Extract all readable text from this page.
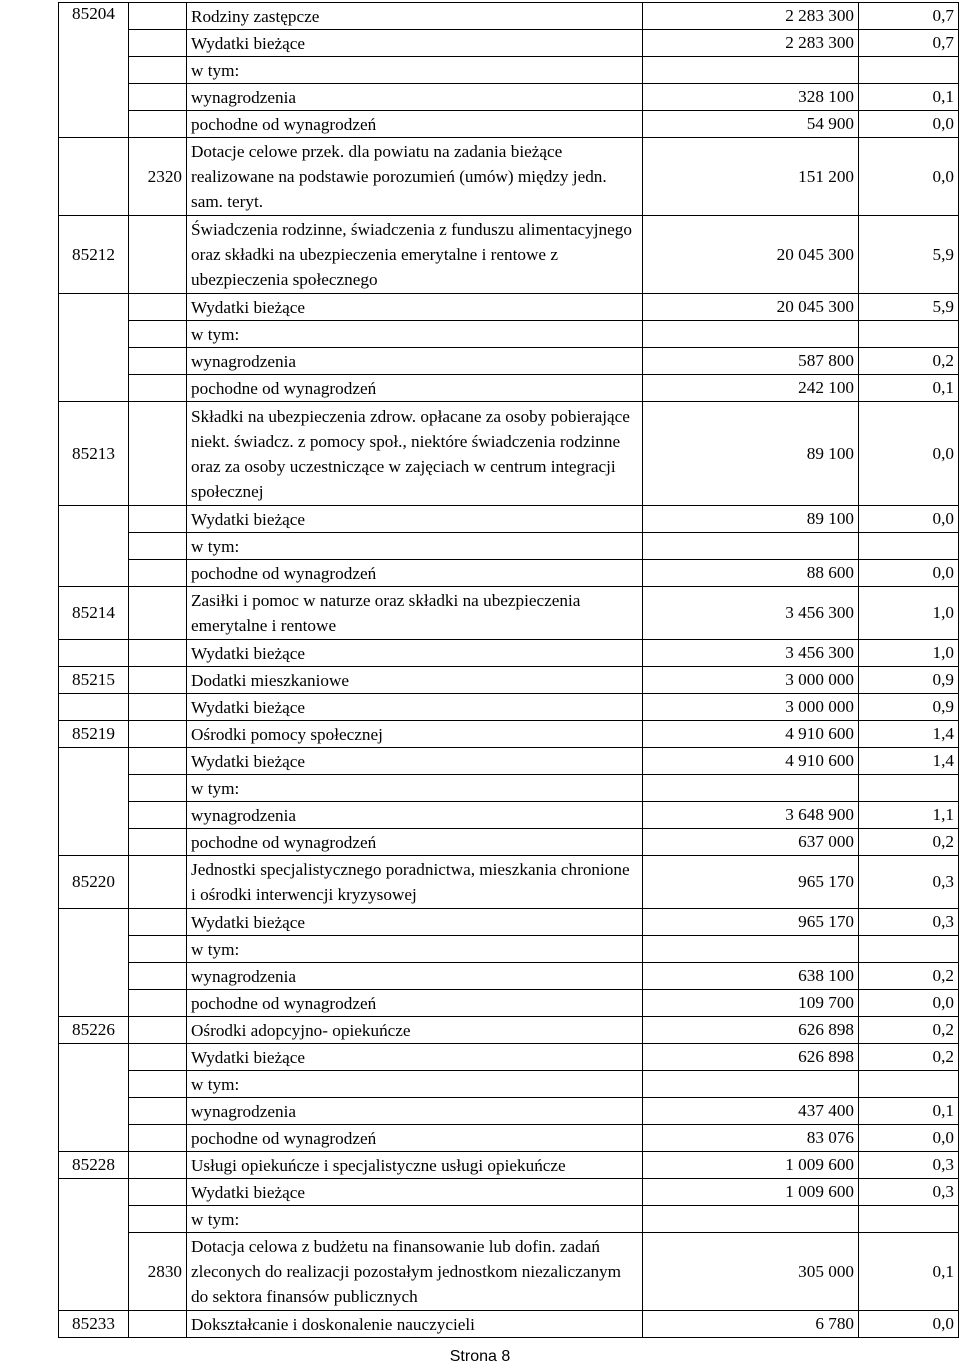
85204		Rodziny zastępcze	2 283 300	0,7
		Wydatki bieżące	2 283 300	0,7
		w tym:		
		wynagrodzenia	328 100	0,1
		pochodne od wynagrodzeń	54 900	0,0
	2320	Dotacje celowe przek. dla powiatu na zadania bieżące realizowane na podstawie porozumień (umów) między jedn. sam. teryt.	151 200	0,0
85212		Świadczenia rodzinne, świadczenia z funduszu alimentacyjnego oraz składki na ubezpieczenia emerytalne i rentowe z ubezpieczenia społecznego	20 045 300	5,9
		Wydatki bieżące	20 045 300	5,9
		w tym:		
		wynagrodzenia	587 800	0,2
		pochodne od wynagrodzeń	242 100	0,1
85213		Składki na ubezpieczenia zdrow. opłacane za osoby pobierające niekt. świadcz. z pomocy społ., niektóre świadczenia rodzinne oraz za osoby uczestniczące w zajęciach w centrum integracji społecznej	89 100	0,0
		Wydatki bieżące	89 100	0,0
		w tym:		
		pochodne od wynagrodzeń	88 600	0,0
85214		Zasiłki i pomoc w naturze oraz składki na ubezpieczenia emerytalne i rentowe	3 456 300	1,0
		Wydatki bieżące	3 456 300	1,0
85215		Dodatki mieszkaniowe	3 000 000	0,9
		Wydatki bieżące	3 000 000	0,9
85219		Ośrodki pomocy społecznej	4 910 600	1,4
		Wydatki bieżące	4 910 600	1,4
		w tym:		
		wynagrodzenia	3 648 900	1,1
		pochodne od wynagrodzeń	637 000	0,2
85220		Jednostki specjalistycznego poradnictwa, mieszkania chronione i ośrodki interwencji kryzysowej	965 170	0,3
		Wydatki bieżące	965 170	0,3
		w tym:		
		wynagrodzenia	638 100	0,2
		pochodne od wynagrodzeń	109 700	0,0
85226		Ośrodki adopcyjno- opiekuńcze	626 898	0,2
		Wydatki bieżące	626 898	0,2
		w tym:		
		wynagrodzenia	437 400	0,1
		pochodne od wynagrodzeń	83 076	0,0
85228		Usługi opiekuńcze i specjalistyczne usługi opiekuńcze	1 009 600	0,3
		Wydatki bieżące	1 009 600	0,3
		w tym:		
	2830	Dotacja celowa z budżetu na finansowanie lub dofin. zadań zleconych do realizacji pozostałym jednostkom niezaliczanym do sektora finansów publicznych	305 000	0,1
85233		Dokształcanie i doskonalenie nauczycieli	6 780	0,0
Strona 8
